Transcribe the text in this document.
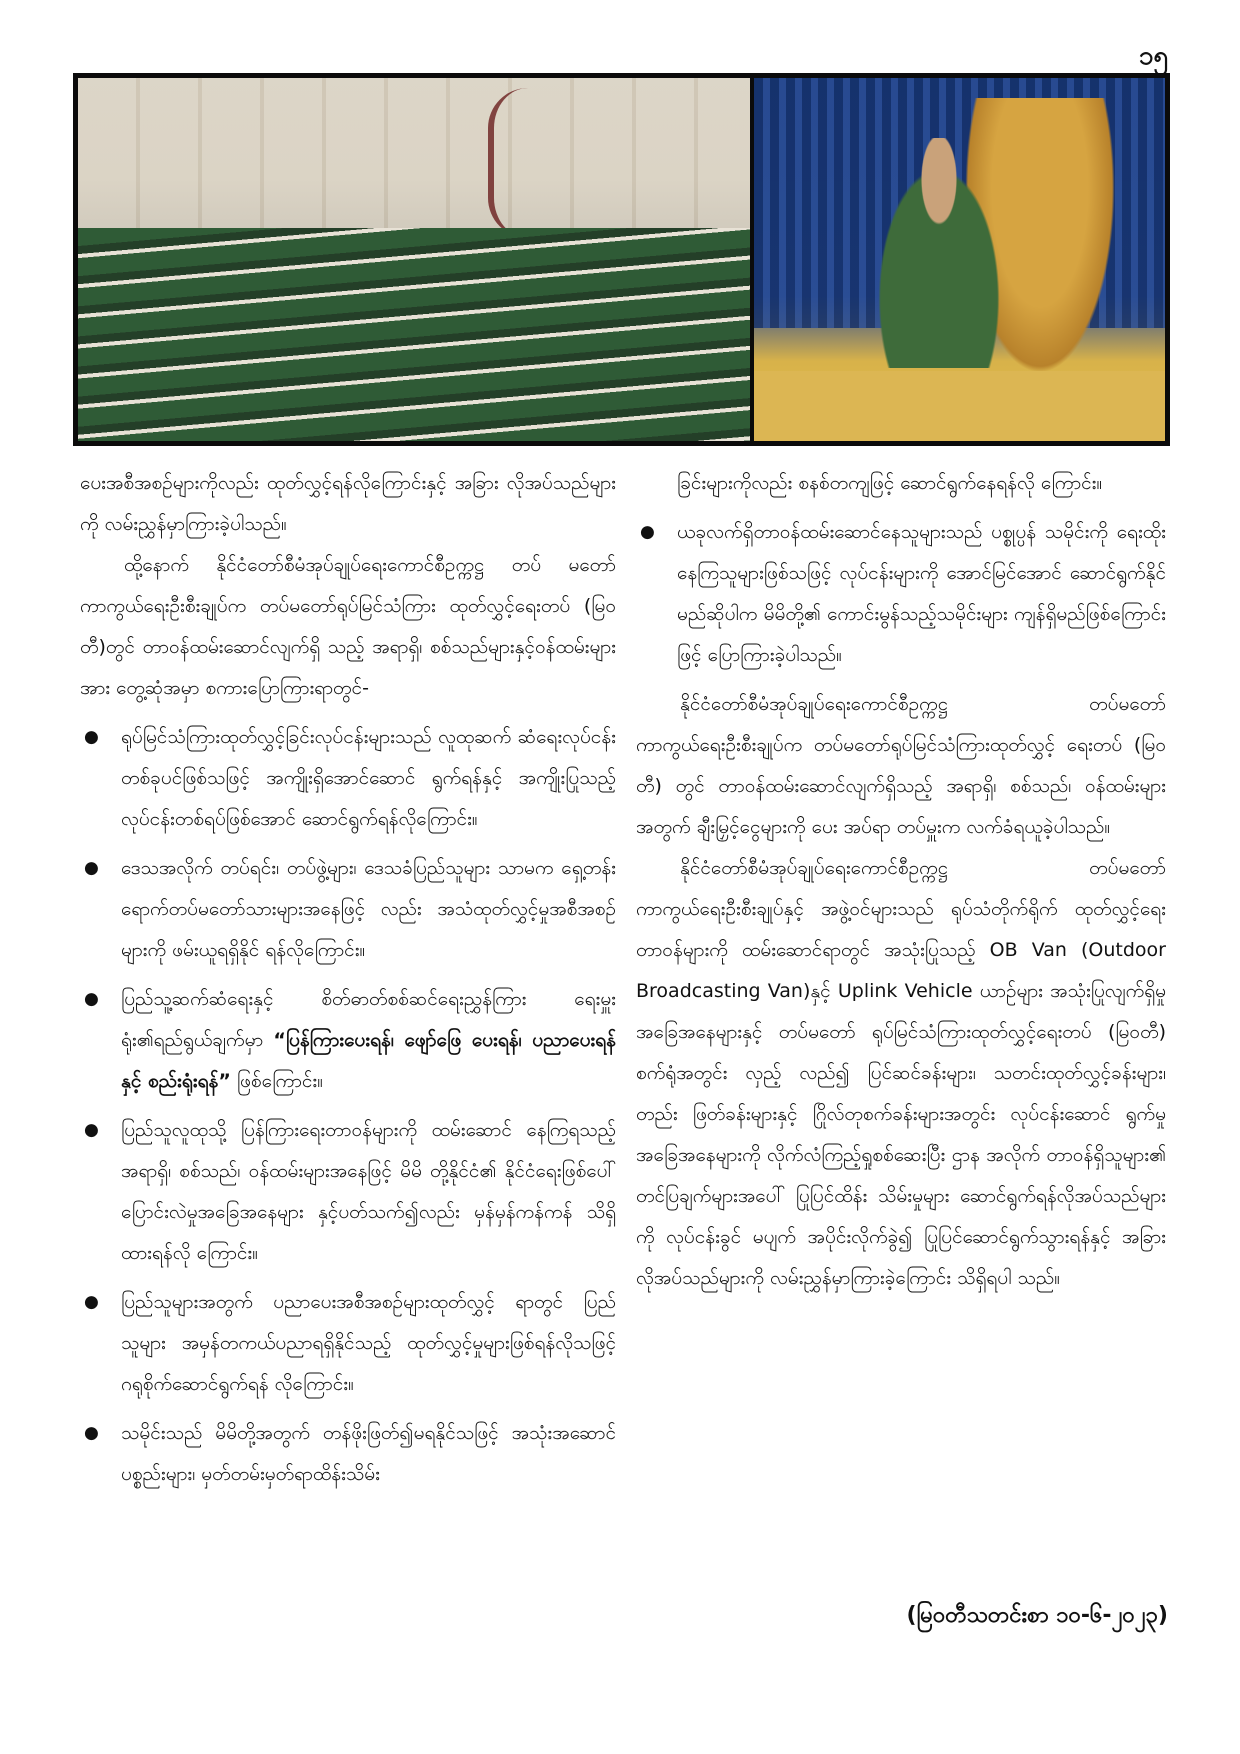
၁၅

ပေးအစီအစဉ်များကိုလည်း ထုတ်လွှင့်ရန်လိုကြောင်းနှင့် အခြား လိုအပ်သည်များကို လမ်းညွှန်မှာကြားခဲ့ပါသည်။

ထို့နောက် နိုင်ငံတော်စီမံအုပ်ချုပ်ရေးကောင်စီဥက္ကဋ္ဌ တပ် မတော်ကာကွယ်ရေးဦးစီးချုပ်က တပ်မတော်ရုပ်မြင်သံကြား ထုတ်လွှင့်ရေးတပ် (မြဝတီ)တွင် တာဝန်ထမ်းဆောင်လျက်ရှိ သည့် အရာရှိ၊ စစ်သည်များနှင့်ဝန်ထမ်းများအား တွေ့ဆုံအမှာ စကားပြောကြားရာတွင်-

● ရုပ်မြင်သံကြားထုတ်လွှင့်ခြင်းလုပ်ငန်းများသည် လူထုဆက် ဆံရေးလုပ်ငန်းတစ်ခုပင်ဖြစ်သဖြင့် အကျိုးရှိအောင်ဆောင် ရွက်ရန်နှင့် အကျိုးပြုသည့် လုပ်ငန်းတစ်ရပ်ဖြစ်အောင် ဆောင်ရွက်ရန်လိုကြောင်း။
● ဒေသအလိုက် တပ်ရင်း၊ တပ်ဖွဲ့များ၊ ဒေသခံပြည်သူများ သာမက ရှေ့တန်းရောက်တပ်မတော်သားများအနေဖြင့် လည်း အသံထုတ်လွှင့်မှုအစီအစဉ်များကို ဖမ်းယူရရှိနိုင် ရန်လိုကြောင်း။
● ပြည်သူ့ဆက်ဆံရေးနှင့် စိတ်ဓာတ်စစ်ဆင်ရေးညွှန်ကြား ရေးမှူးရုံး၏ရည်ရွယ်ချက်မှာ “ပြန်ကြားပေးရန်၊ ဖျော်ဖြေ ပေးရန်၊ ပညာပေးရန်နှင့် စည်းရုံးရန်” ဖြစ်ကြောင်း။
● ပြည်သူလူထုသို့ ပြန်ကြားရေးတာဝန်များကို ထမ်းဆောင် နေကြရသည့် အရာရှိ၊ စစ်သည်၊ ဝန်ထမ်းများအနေဖြင့် မိမိ တို့နိုင်ငံ၏ နိုင်ငံရေးဖြစ်ပေါ်ပြောင်းလဲမှုအခြေအနေများ နှင့်ပတ်သက်၍လည်း မှန်မှန်ကန်ကန် သိရှိထားရန်လို ကြောင်း။
● ပြည်သူများအတွက် ပညာပေးအစီအစဉ်များထုတ်လွှင့် ရာတွင် ပြည်သူများ အမှန်တကယ်ပညာရရှိနိုင်သည့် ထုတ်လွှင့်မှုများဖြစ်ရန်လိုသဖြင့် ဂရုစိုက်ဆောင်ရွက်ရန် လိုကြောင်း။
● သမိုင်းသည် မိမိတို့အတွက် တန်ဖိုးဖြတ်၍မရနိုင်သဖြင့် အသုံးအဆောင်ပစ္စည်းများ၊ မှတ်တမ်းမှတ်ရာထိန်းသိမ်း

ခြင်းများကိုလည်း စနစ်တကျဖြင့် ဆောင်ရွက်နေရန်လို ကြောင်း။

● ယခုလက်ရှိတာဝန်ထမ်းဆောင်နေသူများသည် ပစ္စုပ္ပန် သမိုင်းကို ရေးထိုးနေကြသူများဖြစ်သဖြင့် လုပ်ငန်းများကို အောင်မြင်အောင် ဆောင်ရွက်နိုင်မည်ဆိုပါက မိမိတို့၏ ကောင်းမွန်သည့်သမိုင်းများ ကျန်ရှိမည်ဖြစ်ကြောင်းဖြင့် ပြောကြားခဲ့ပါသည်။

နိုင်ငံတော်စီမံအုပ်ချုပ်ရေးကောင်စီဥက္ကဋ္ဌ တပ်မတော် ကာကွယ်ရေးဦးစီးချုပ်က တပ်မတော်ရုပ်မြင်သံကြားထုတ်လွှင့် ရေးတပ် (မြဝတီ) တွင် တာဝန်ထမ်းဆောင်လျက်ရှိသည့် အရာရှိ၊ စစ်သည်၊ ဝန်ထမ်းများအတွက် ချီးမြှင့်ငွေများကို ပေး အပ်ရာ တပ်မှူးက လက်ခံရယူခဲ့ပါသည်။

နိုင်ငံတော်စီမံအုပ်ချုပ်ရေးကောင်စီဥက္ကဋ္ဌ တပ်မတော် ကာကွယ်ရေးဦးစီးချုပ်နှင့် အဖွဲ့ဝင်များသည် ရုပ်သံတိုက်ရိုက် ထုတ်လွှင့်ရေးတာဝန်များကို ထမ်းဆောင်ရာတွင် အသုံးပြုသည့် OB Van (Outdoor Broadcasting Van)နှင့် Uplink Vehicle ယာဉ်များ အသုံးပြုလျက်ရှိမှုအခြေအနေများနှင့် တပ်မတော် ရုပ်မြင်သံကြားထုတ်လွှင့်ရေးတပ် (မြဝတီ) စက်ရုံအတွင်း လှည့် လည်၍ ပြင်ဆင်ခန်းများ၊ သတင်းထုတ်လွှင့်ခန်းများ၊ တည်း ဖြတ်ခန်းများနှင့် ဂြိုလ်တုစက်ခန်းများအတွင်း လုပ်ငန်းဆောင် ရွက်မှုအခြေအနေများကို လိုက်လံကြည့်ရှုစစ်ဆေးပြီး ဌာန အလိုက် တာဝန်ရှိသူများ၏ တင်ပြချက်များအပေါ် ပြုပြင်ထိန်း သိမ်းမှုများ ဆောင်ရွက်ရန်လိုအပ်သည်များကို လုပ်ငန်းခွင် မပျက် အပိုင်းလိုက်ခွဲ၍ ပြုပြင်ဆောင်ရွက်သွားရန်နှင့် အခြား လိုအပ်သည်များကို လမ်းညွှန်မှာကြားခဲ့ကြောင်း သိရှိရပါ သည်။

(မြဝတီသတင်းစာ ၁၀-၆-၂၀၂၃)
